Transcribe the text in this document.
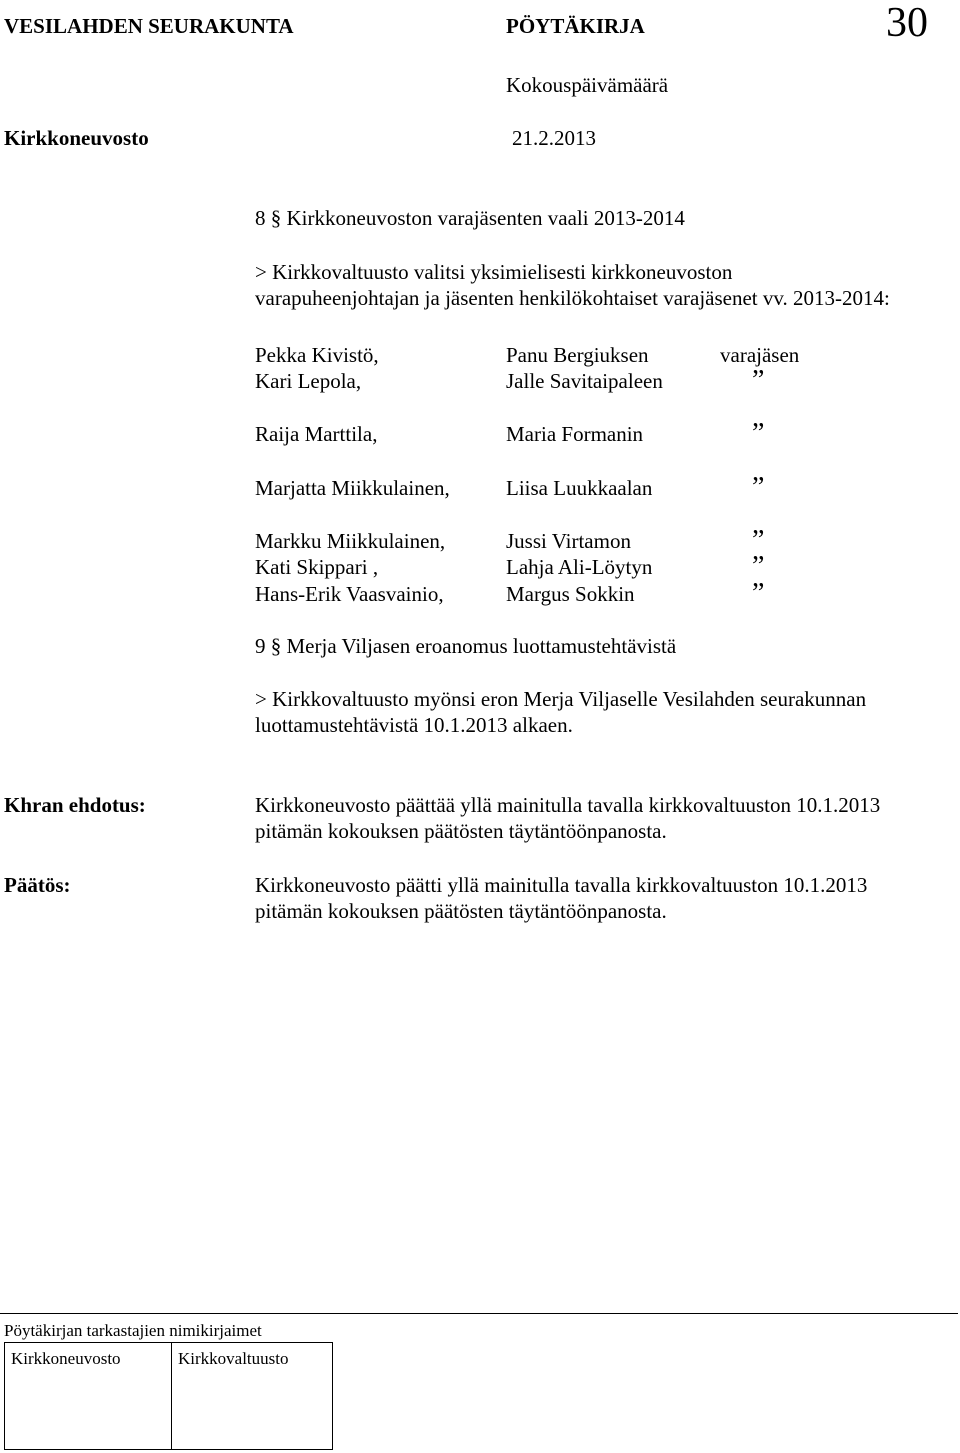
VESILAHDEN SEURAKUNTA	PÖYTÄKIRJA	30
Kokouspäivämäärä
Kirkkoneuvosto	21.2.2013
8 § Kirkkoneuvoston varajäsenten vaali 2013-2014
> Kirkkovaltuusto valitsi yksimielisesti kirkkoneuvoston
varapuheenjohtajan ja jäsenten henkilökohtaiset varajäsenet vv. 2013-2014:
Pekka Kivistö,	Panu Bergiuksen	varajäsen
Kari Lepola,	Jalle Savitaipaleen	”
Raija Marttila,	Maria Formanin	”
Marjatta Miikkulainen,	Liisa Luukkaalan	”
Markku Miikkulainen,	Jussi Virtamon	”
Kati Skippari ,	Lahja Ali-Löytyn	”
Hans-Erik Vaasvainio,	Margus Sokkin	”
9 § Merja Viljasen eroanomus luottamustehtävistä
> Kirkkovaltuusto myönsi eron Merja Viljaselle Vesilahden seurakunnan
luottamustehtävistä 10.1.2013 alkaen.
Khran ehdotus:	Kirkkoneuvosto päättää yllä mainitulla tavalla kirkkovaltuuston 10.1.2013
pitämän kokouksen päätösten täytäntöönpanosta.
Päätös:	Kirkkoneuvosto päätti yllä mainitulla tavalla kirkkovaltuuston 10.1.2013
pitämän kokouksen päätösten täytäntöönpanosta.
Pöytäkirjan tarkastajien nimikirjaimet
Kirkkoneuvosto	Kirkkovaltuusto
